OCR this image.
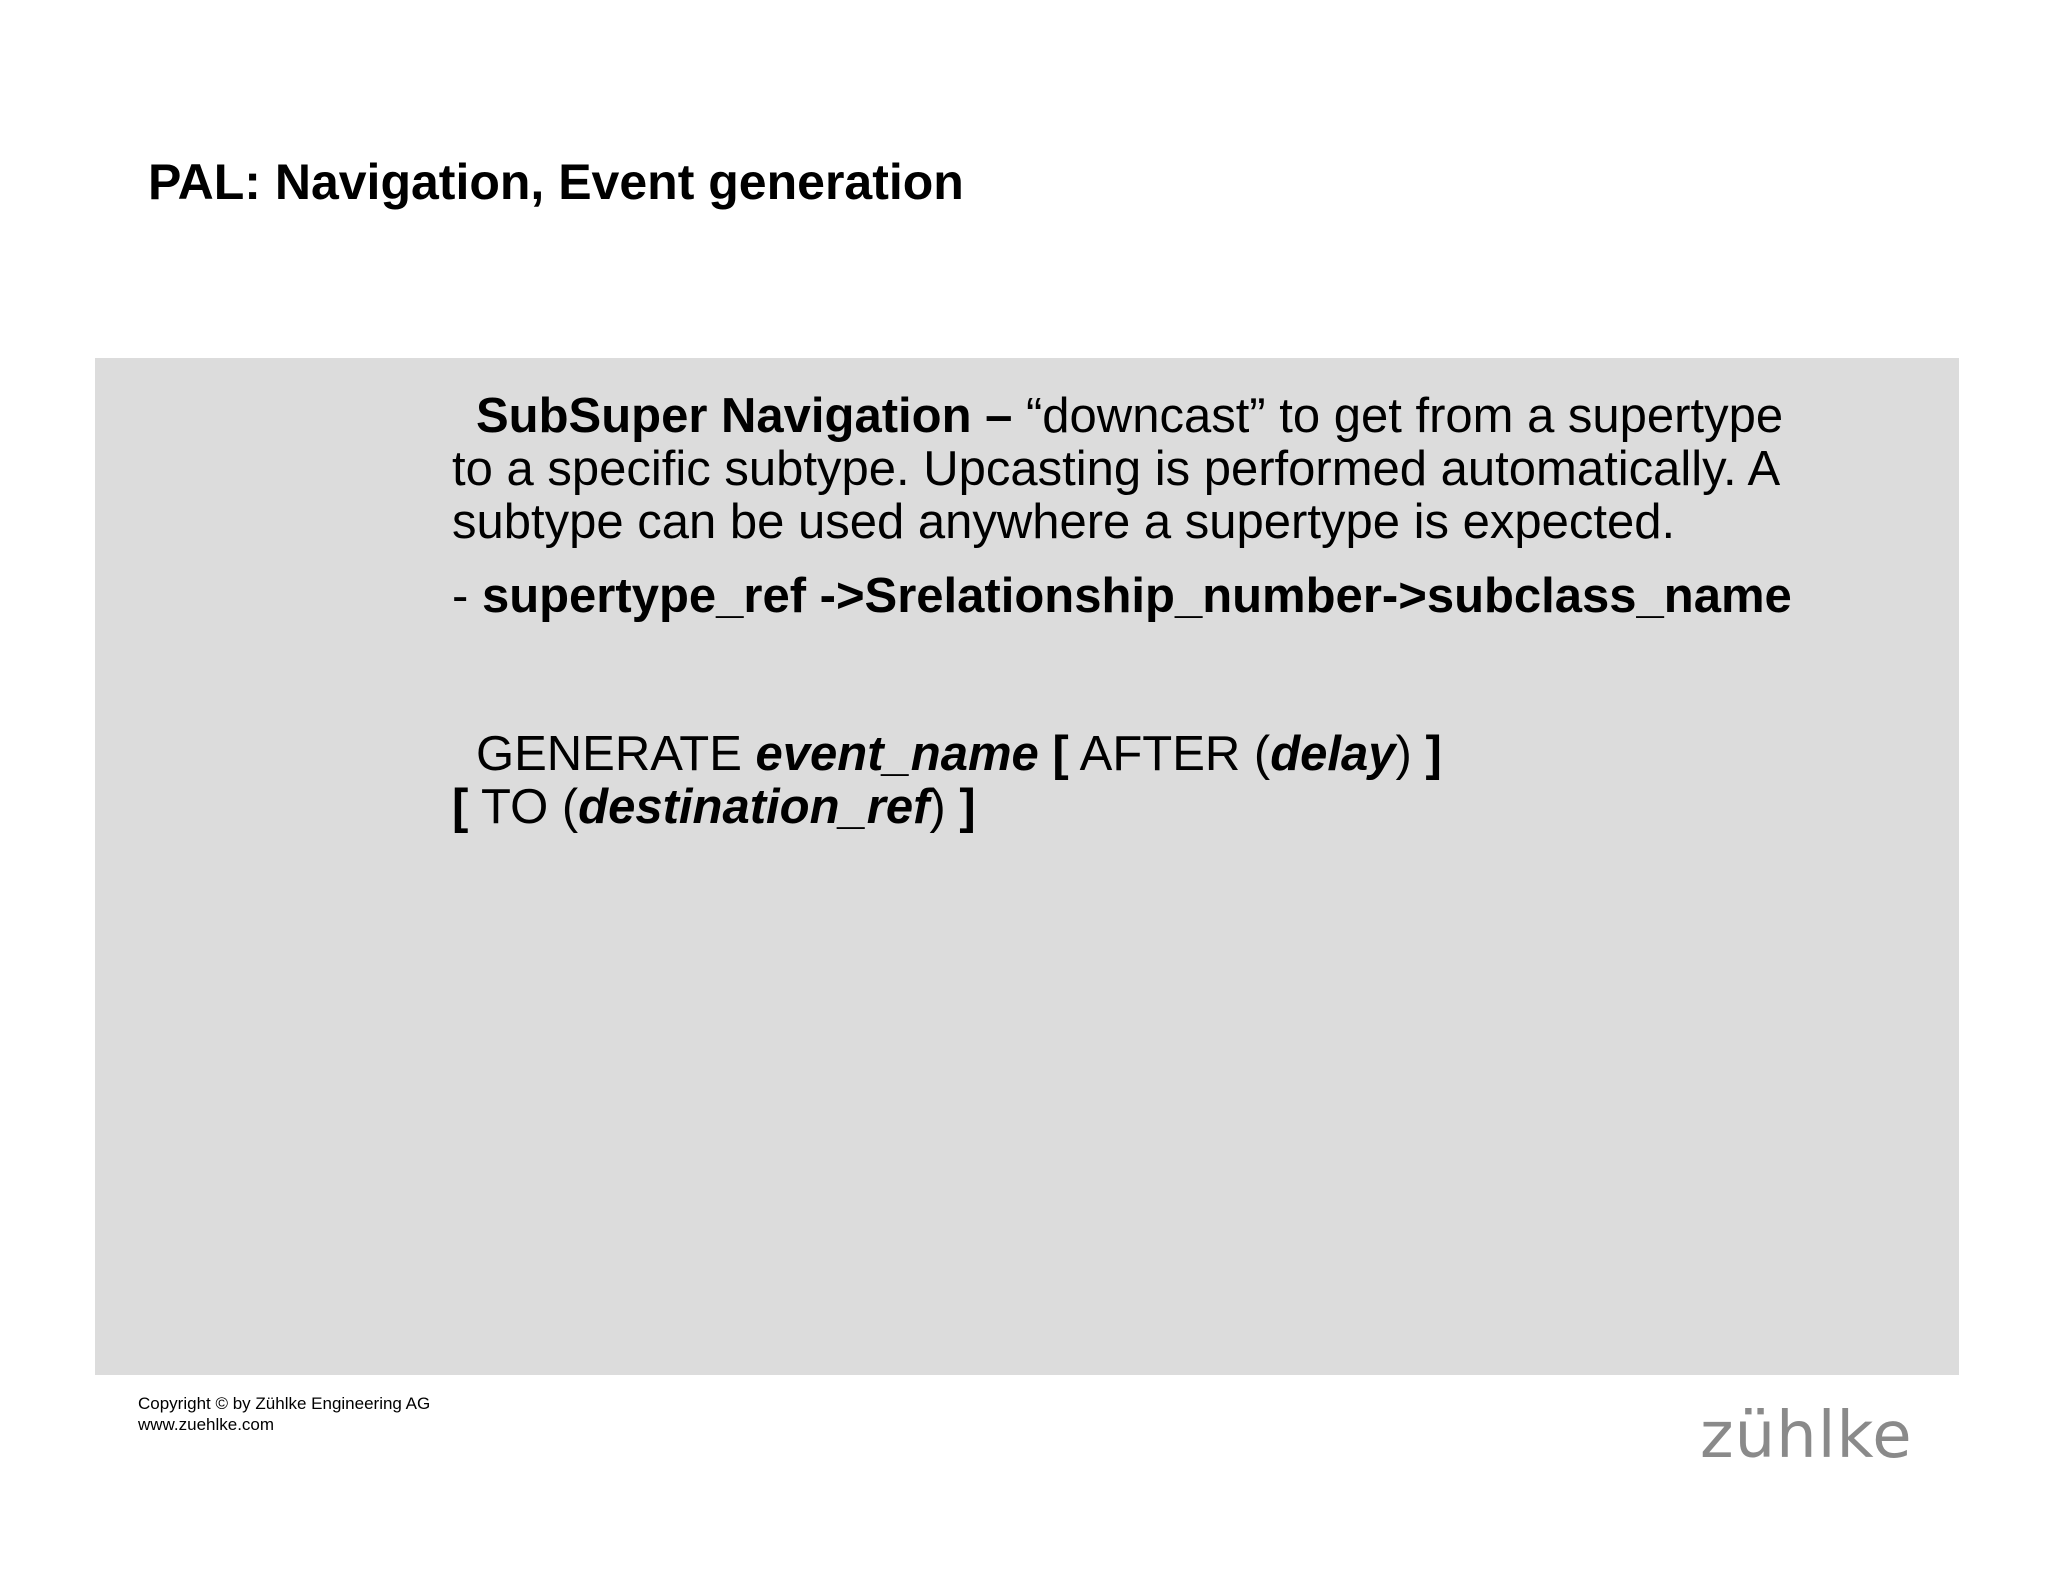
PAL: Navigation, Event generation

SubSuper Navigation – “downcast” to get from a supertype

to a specific subtype. Upcasting is performed automatically. A

subtype can be used anywhere a supertype is expected.

- supertype_ref ->Srelationship_number->subclass_name

GENERATE event_name [ AFTER (delay) ]

[ TO (destination_ref) ]

Copyright © by Zühlke Engineering AG
www.zuehlke.com	zühlke
